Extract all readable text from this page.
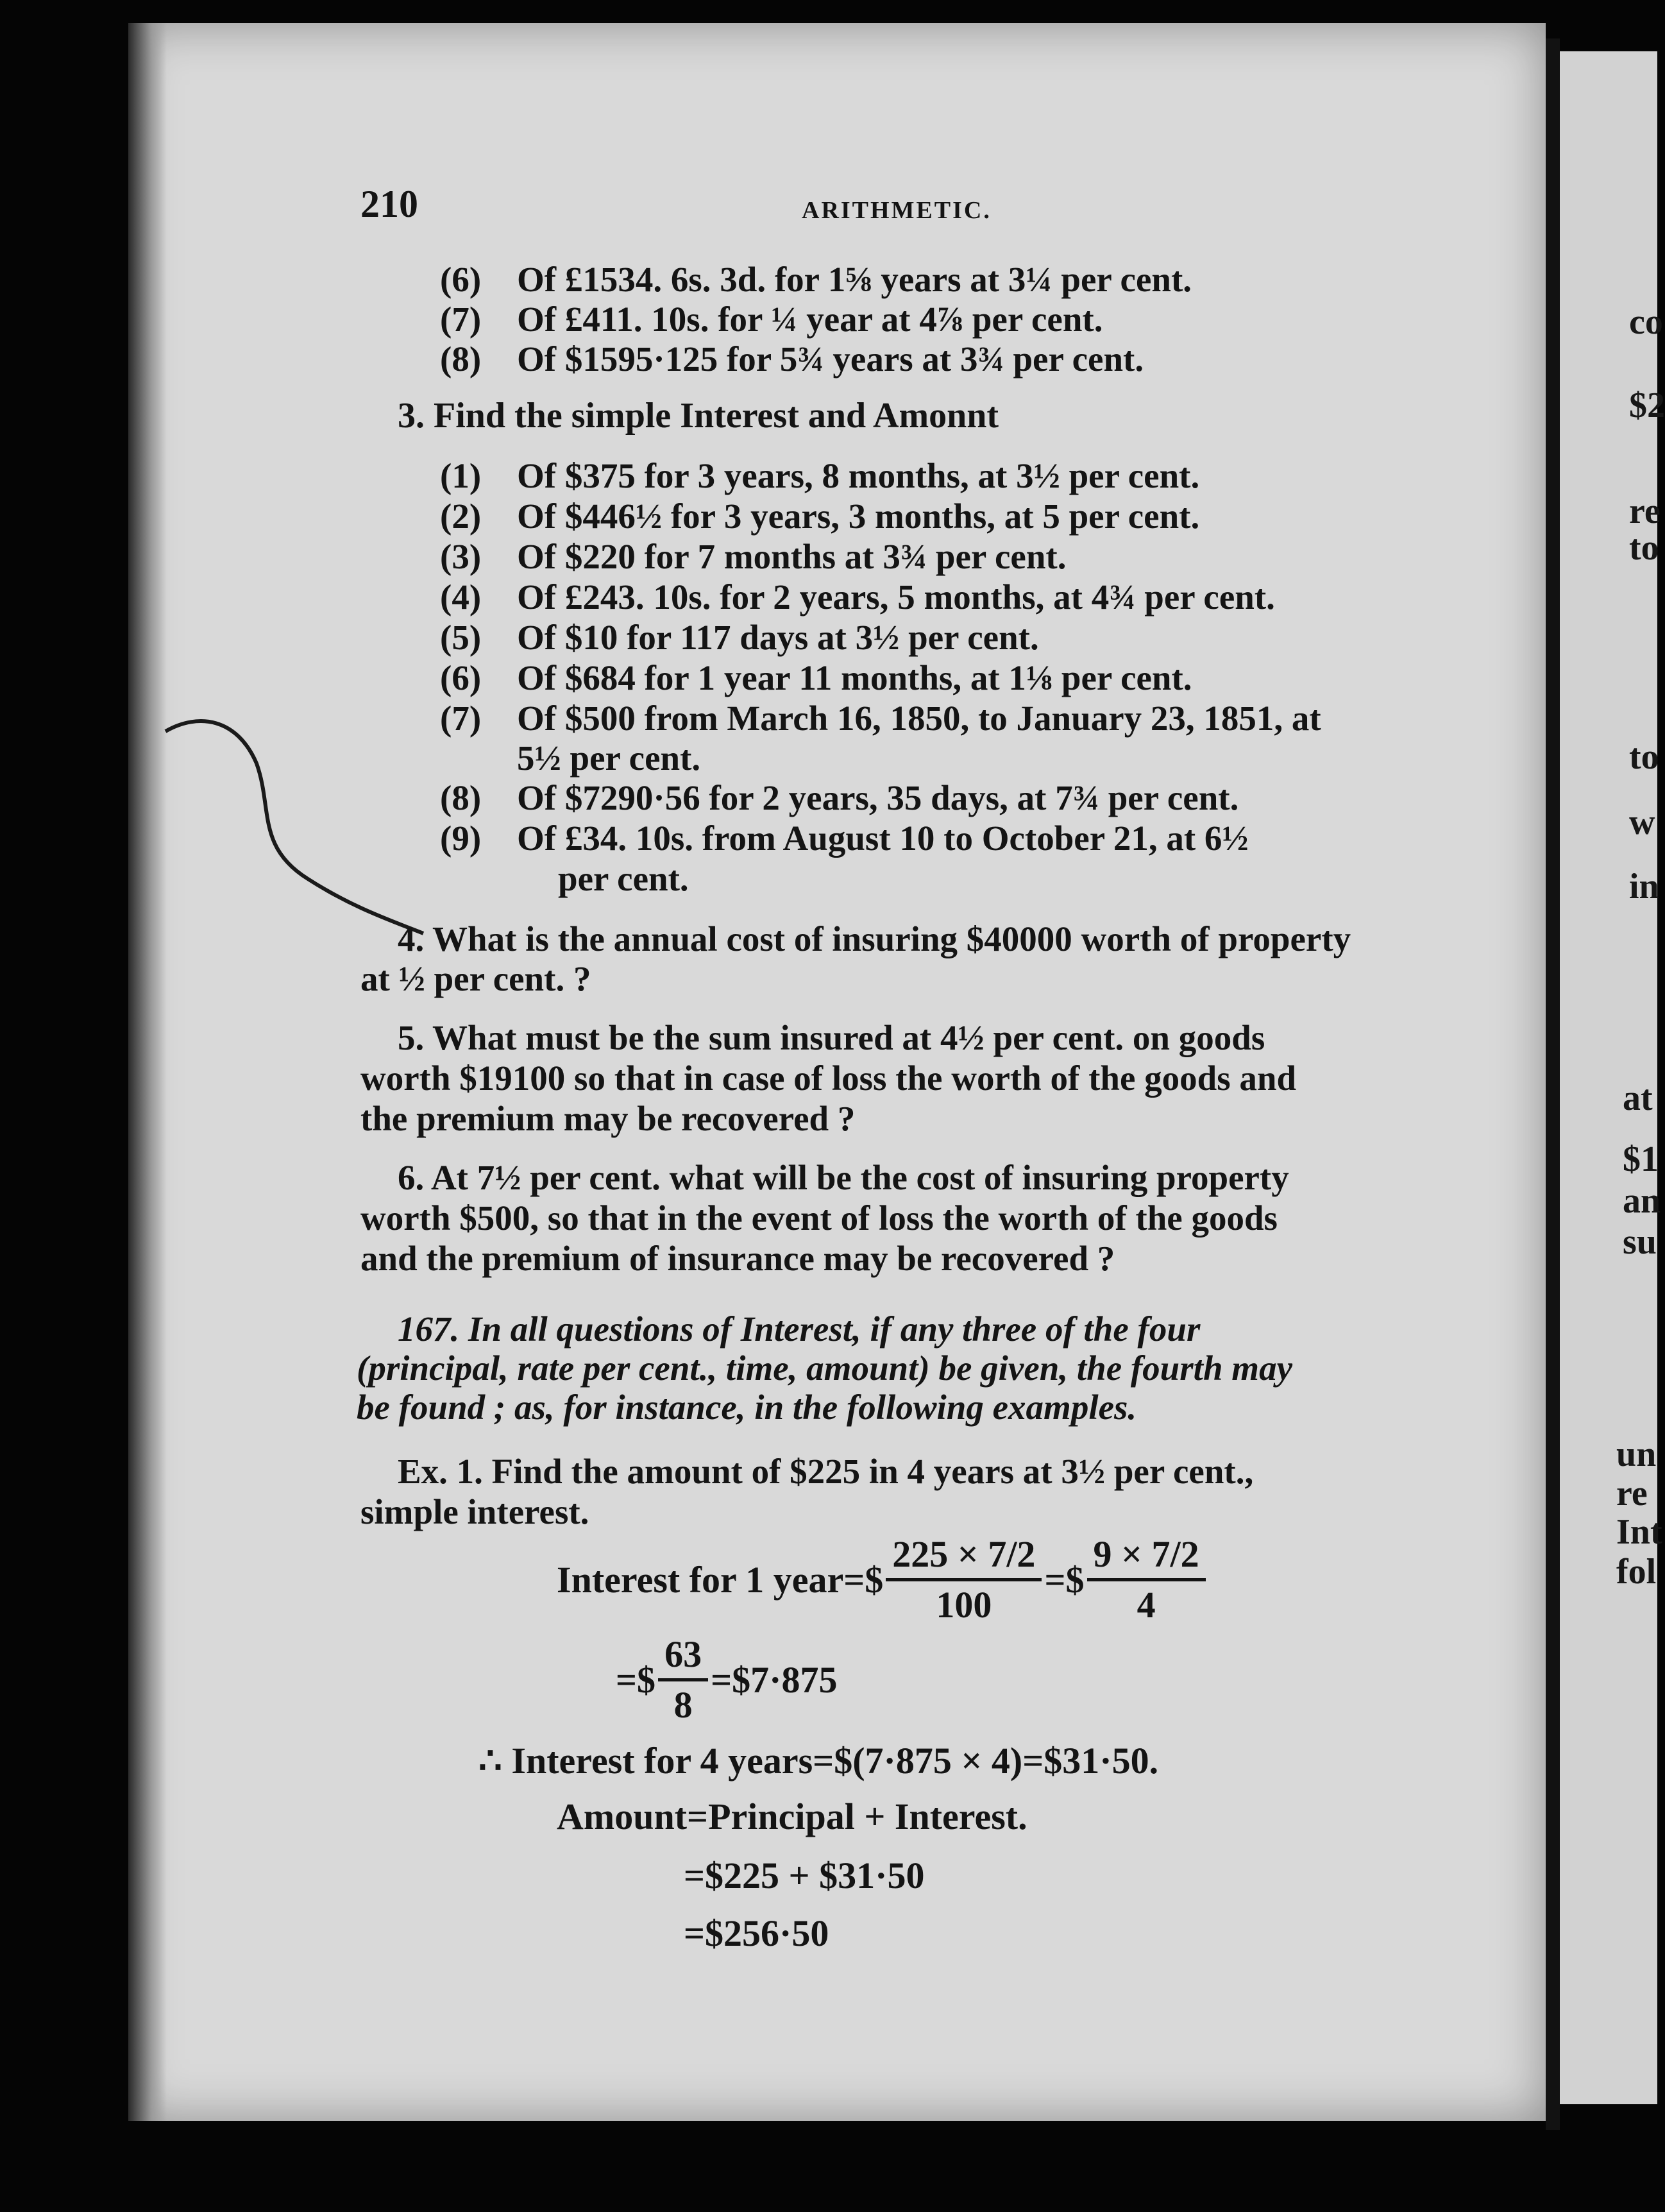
co
$2
re
to
to
w
in
at
$1
an
su
un
re
Int
fol
210	ARITHMETIC.
(6) Of £1534. 6s. 3d. for 1⅝ years at 3¼ per cent.
(7) Of £411. 10s. for ¼ year at 4⅞ per cent.
(8) Of $1595·125 for 5¾ years at 3¾ per cent.
3. Find the simple Interest and Amonnt
(1) Of $375 for 3 years, 8 months, at 3½ per cent.
(2) Of $446½ for 3 years, 3 months, at 5 per cent.
(3) Of $220 for 7 months at 3¾ per cent.
(4) Of £243. 10s. for 2 years, 5 months, at 4¾ per cent.
(5) Of $10 for 117 days at 3½ per cent.
(6) Of $684 for 1 year 11 months, at 1⅛ per cent.
(7) Of $500 from March 16, 1850, to January 23, 1851, at
5½ per cent.
(8) Of $7290·56 for 2 years, 35 days, at 7¾ per cent.
(9) Of £34. 10s. from August 10 to October 21, at 6½
per cent.
4. What is the annual cost of insuring $40000 worth of property
at ½ per cent. ?
5. What must be the sum insured at 4½ per cent. on goods
worth $19100 so that in case of loss the worth of the goods and
the premium may be recovered ?
6. At 7½ per cent. what will be the cost of insuring property
worth $500, so that in the event of loss the worth of the goods
and the premium of insurance may be recovered ?
167. In all questions of Interest, if any three of the four
(principal, rate per cent., time, amount) be given, the fourth may
be found ; as, for instance, in the following examples.
Ex. 1. Find the amount of $225 in 4 years at 3½ per cent.,
simple interest.
Interest for 1 year=$ $\frac{225 \times 7/2}{100}$ =$ $\frac{9 \times 7/2}{4}$
=$ $\frac{63}{8}$ =$7·875
∴ Interest for 4 years=$(7·875 × 4)=$31·50.
Amount=Principal + Interest.
=$225 + $31·50
=$256·50
